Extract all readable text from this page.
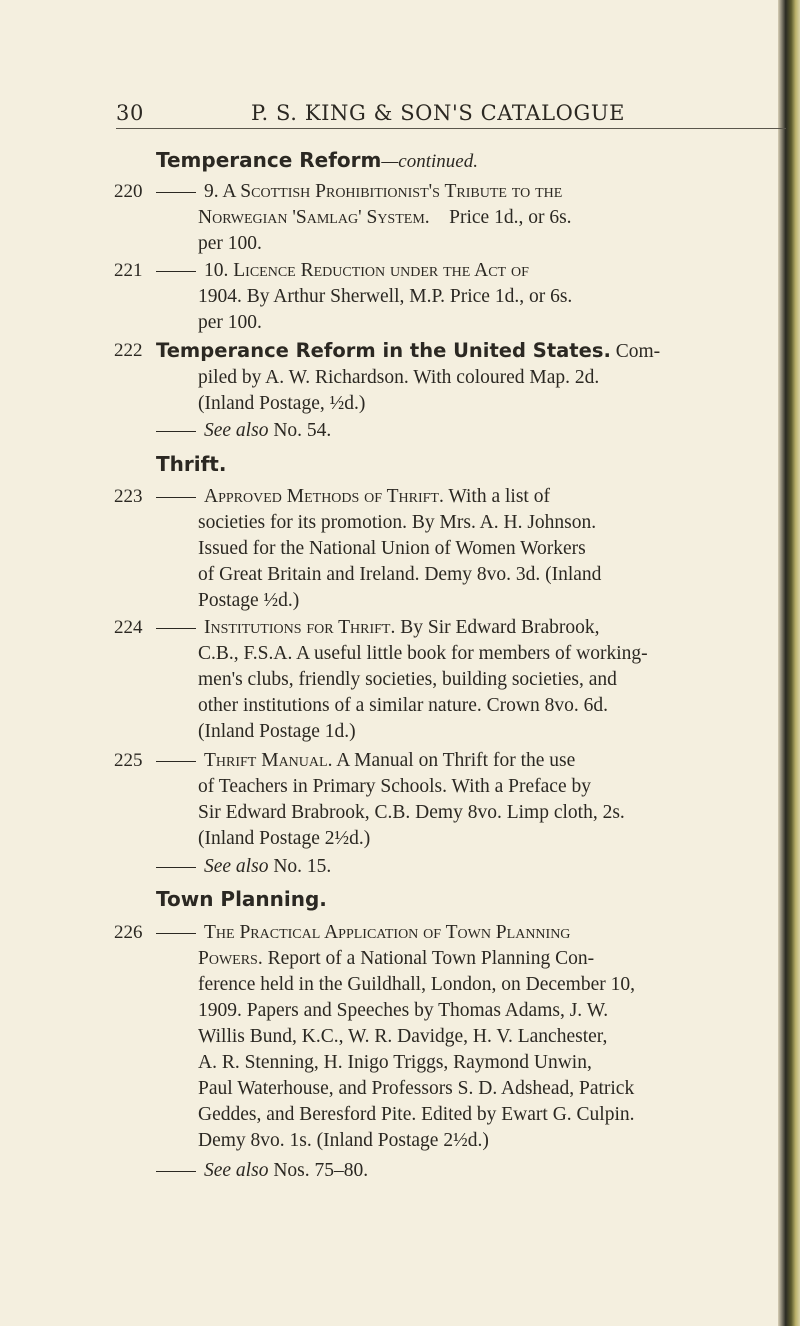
30	P. S. KING & SON'S CATALOGUE
Temperance Reform—continued.
220	9. A Scottish Prohibitionist's Tribute to the
Norwegian 'Samlag' System. Price 1d., or 6s.
per 100.
221	10. Licence Reduction under the Act of
1904. By Arthur Sherwell, M.P. Price 1d., or 6s.
per 100.
222 Temperance Reform in the United States. Com-
piled by A. W. Richardson. With coloured Map. 2d.
(Inland Postage, ½d.)
See also No. 54.
Thrift.
223	Approved Methods of Thrift. With a list of
societies for its promotion. By Mrs. A. H. Johnson.
Issued for the National Union of Women Workers
of Great Britain and Ireland. Demy 8vo. 3d. (Inland
Postage ½d.)
224	Institutions for Thrift. By Sir Edward Brabrook,
C.B., F.S.A. A useful little book for members of working-
men's clubs, friendly societies, building societies, and
other institutions of a similar nature. Crown 8vo. 6d.
(Inland Postage 1d.)
225	Thrift Manual. A Manual on Thrift for the use
of Teachers in Primary Schools. With a Preface by
Sir Edward Brabrook, C.B. Demy 8vo. Limp cloth, 2s.
(Inland Postage 2½d.)
See also No. 15.
Town Planning.
226	The Practical Application of Town Planning
Powers. Report of a National Town Planning Con-
ference held in the Guildhall, London, on December 10,
1909. Papers and Speeches by Thomas Adams, J. W.
Willis Bund, K.C., W. R. Davidge, H. V. Lanchester,
A. R. Stenning, H. Inigo Triggs, Raymond Unwin,
Paul Waterhouse, and Professors S. D. Adshead, Patrick
Geddes, and Beresford Pite. Edited by Ewart G. Culpin.
Demy 8vo. 1s. (Inland Postage 2½d.)
See also Nos. 75–80.
